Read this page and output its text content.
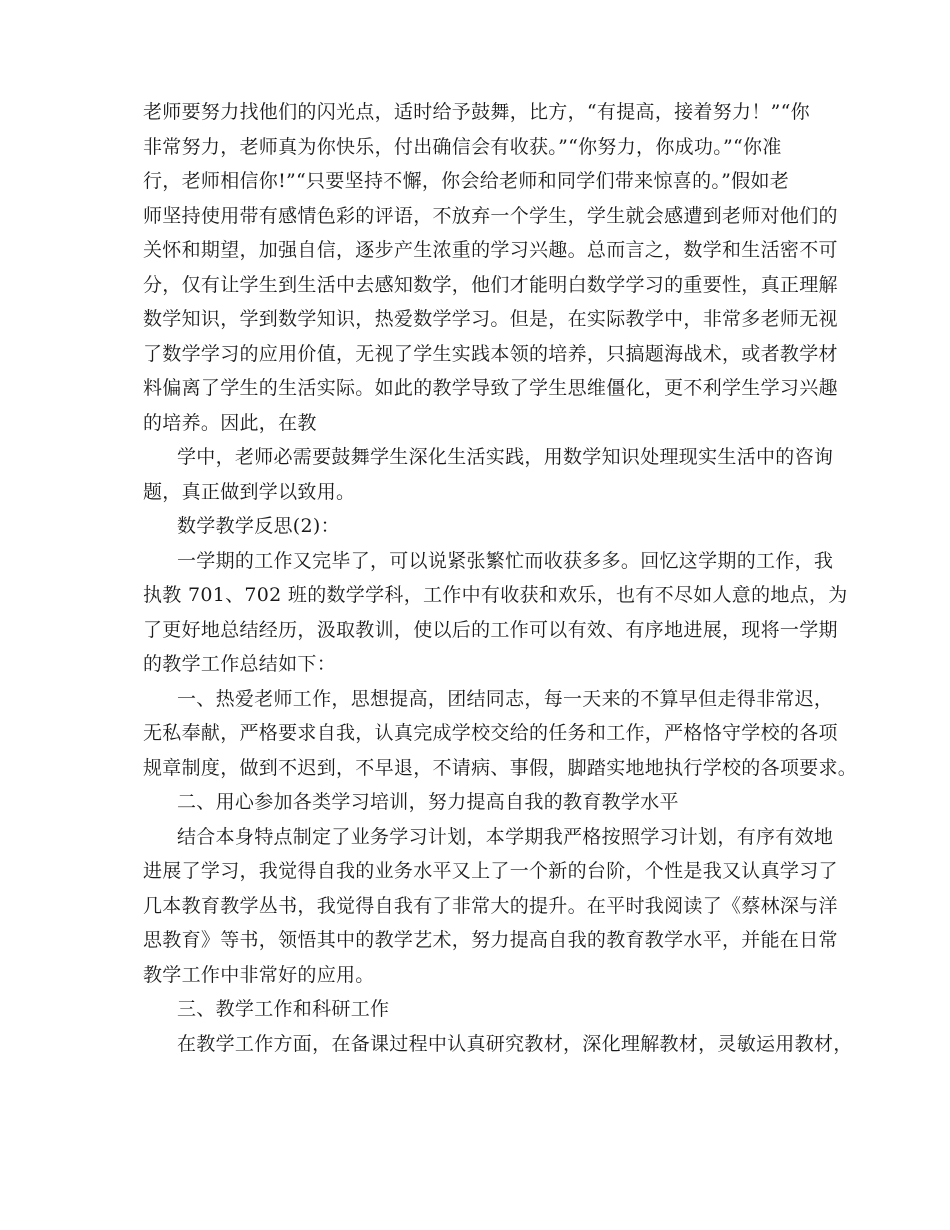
老师要努力找他们的闪光点，适时给予鼓舞，比方，“有提高，接着努力！”“你
非常努力，老师真为你快乐，付出确信会有收获。”“你努力，你成功。”“你准
行，老师相信你!”“只要坚持不懈，你会给老师和同学们带来惊喜的。”假如老
师坚持使用带有感情色彩的评语，不放弃一个学生，学生就会感遭到老师对他们的
关怀和期望，加强自信，逐步产生浓重的学习兴趣。总而言之，数学和生活密不可
分，仅有让学生到生活中去感知数学，他们才能明白数学学习的重要性，真正理解
数学知识，学到数学知识，热爱数学学习。但是，在实际教学中，非常多老师无视
了数学学习的应用价值，无视了学生实践本领的培养，只搞题海战术，或者教学材
料偏离了学生的生活实际。如此的教学导致了学生思维僵化，更不利学生学习兴趣
的培养。因此，在教
学中，老师必需要鼓舞学生深化生活实践，用数学知识处理现实生活中的咨询
题，真正做到学以致用。
数学教学反思(2)：
一学期的工作又完毕了，可以说紧张繁忙而收获多多。回忆这学期的工作，我
执教 701、702 班的数学学科，工作中有收获和欢乐，也有不尽如人意的地点，为
了更好地总结经历，汲取教训，使以后的工作可以有效、有序地进展，现将一学期
的教学工作总结如下：
一、热爱老师工作，思想提高，团结同志，每一天来的不算早但走得非常迟，
无私奉献，严格要求自我，认真完成学校交给的任务和工作，严格恪守学校的各项
规章制度，做到不迟到，不早退，不请病、事假，脚踏实地地执行学校的各项要求。
二、用心参加各类学习培训，努力提高自我的教育教学水平
结合本身特点制定了业务学习计划，本学期我严格按照学习计划，有序有效地
进展了学习，我觉得自我的业务水平又上了一个新的台阶，个性是我又认真学习了
几本教育教学丛书，我觉得自我有了非常大的提升。在平时我阅读了《蔡林深与洋
思教育》等书，领悟其中的教学艺术，努力提高自我的教育教学水平，并能在日常
教学工作中非常好的应用。
三、教学工作和科研工作
在教学工作方面，在备课过程中认真研究教材，深化理解教材，灵敏运用教材，
